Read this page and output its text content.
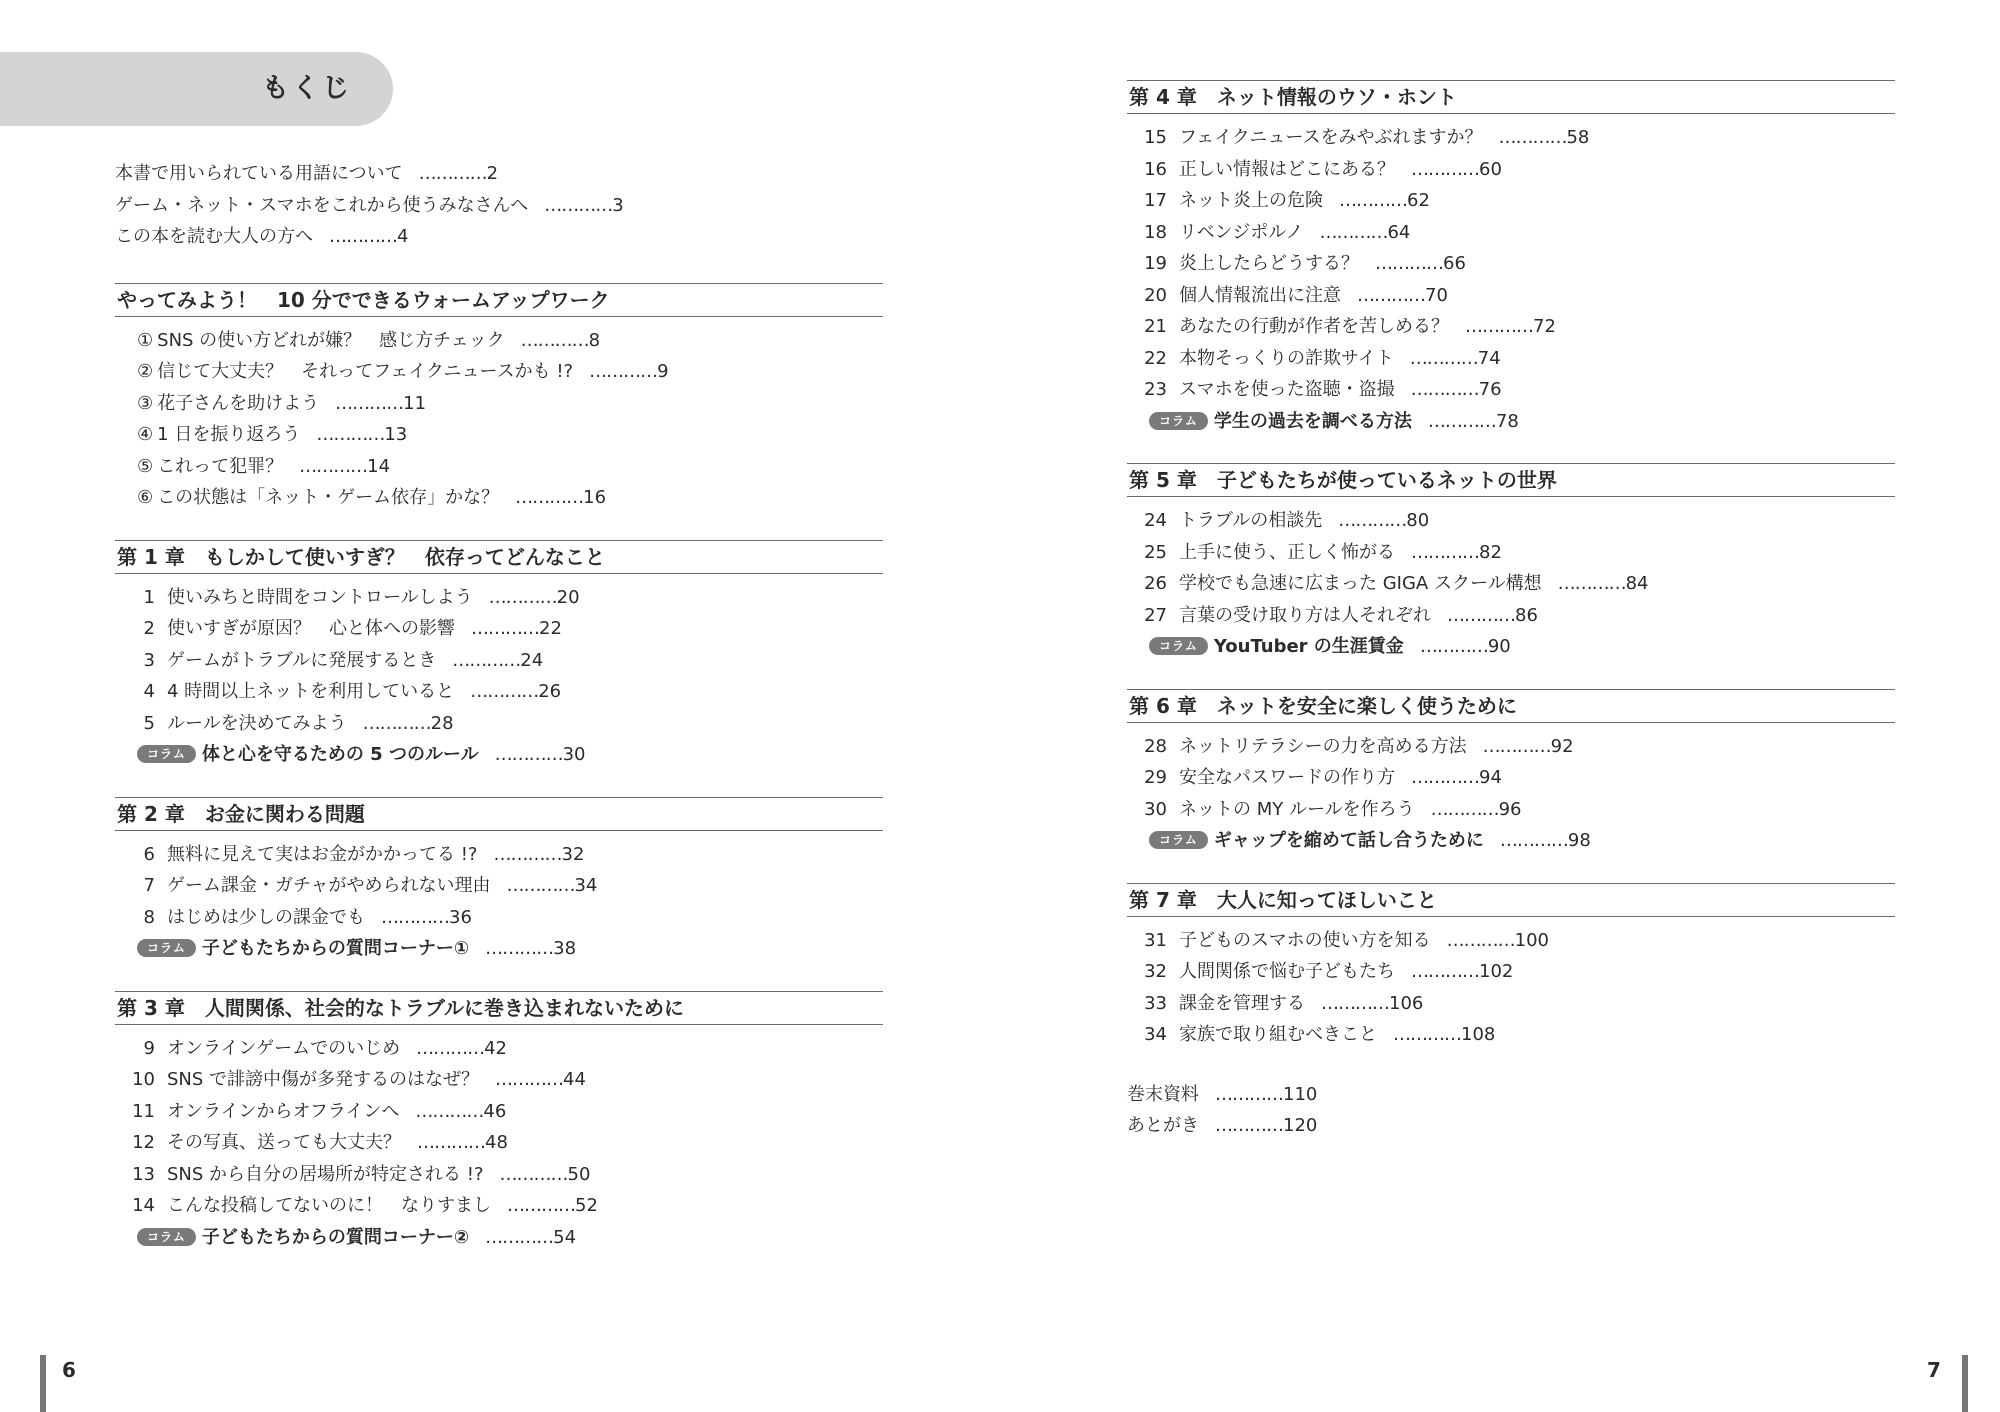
もくじ
本書で用いられている用語について …………2
ゲーム・ネット・スマホをこれから使うみなさんへ …………3
この本を読む大人の方へ …………4
やってみよう！　10 分でできるウォームアップワーク
① SNS の使い方どれが嫌？　感じ方チェック …………8
② 信じて大丈夫？　それってフェイクニュースかも !? …………9
③ 花子さんを助けよう …………11
④ 1 日を振り返ろう …………13
⑤ これって犯罪？ …………14
⑥ この状態は「ネット・ゲーム依存」かな？ …………16
第 1 章　もしかして使いすぎ？　依存ってどんなこと
1 使いみちと時間をコントロールしよう …………20
2 使いすぎが原因？　心と体への影響 …………22
3 ゲームがトラブルに発展するとき …………24
4 4 時間以上ネットを利用していると …………26
5 ルールを決めてみよう …………28
コラム 体と心を守るための 5 つのルール …………30
第 2 章　お金に関わる問題
6 無料に見えて実はお金がかかってる !? …………32
7 ゲーム課金・ガチャがやめられない理由 …………34
8 はじめは少しの課金でも …………36
コラム 子どもたちからの質問コーナー① …………38
第 3 章　人間関係、社会的なトラブルに巻き込まれないために
9 オンラインゲームでのいじめ …………42
10 SNS で誹謗中傷が多発するのはなぜ？ …………44
11 オンラインからオフラインへ …………46
12 その写真、送っても大丈夫？ …………48
13 SNS から自分の居場所が特定される !? …………50
14 こんな投稿してないのに！　なりすまし …………52
コラム 子どもたちからの質問コーナー② …………54
6
第 4 章　ネット情報のウソ・ホント
15 フェイクニュースをみやぶれますか？ …………58
16 正しい情報はどこにある？ …………60
17 ネット炎上の危険 …………62
18 リベンジポルノ …………64
19 炎上したらどうする？ …………66
20 個人情報流出に注意 …………70
21 あなたの行動が作者を苦しめる？ …………72
22 本物そっくりの詐欺サイト …………74
23 スマホを使った盗聴・盗撮 …………76
コラム 学生の過去を調べる方法 …………78
第 5 章　子どもたちが使っているネットの世界
24 トラブルの相談先 …………80
25 上手に使う、正しく怖がる …………82
26 学校でも急速に広まった GIGA スクール構想 …………84
27 言葉の受け取り方は人それぞれ …………86
コラム YouTuber の生涯賃金 …………90
第 6 章　ネットを安全に楽しく使うために
28 ネットリテラシーの力を高める方法 …………92
29 安全なパスワードの作り方 …………94
30 ネットの MY ルールを作ろう …………96
コラム ギャップを縮めて話し合うために …………98
第 7 章　大人に知ってほしいこと
31 子どものスマホの使い方を知る …………100
32 人間関係で悩む子どもたち …………102
33 課金を管理する …………106
34 家族で取り組むべきこと …………108
巻末資料 …………110
あとがき …………120
7
